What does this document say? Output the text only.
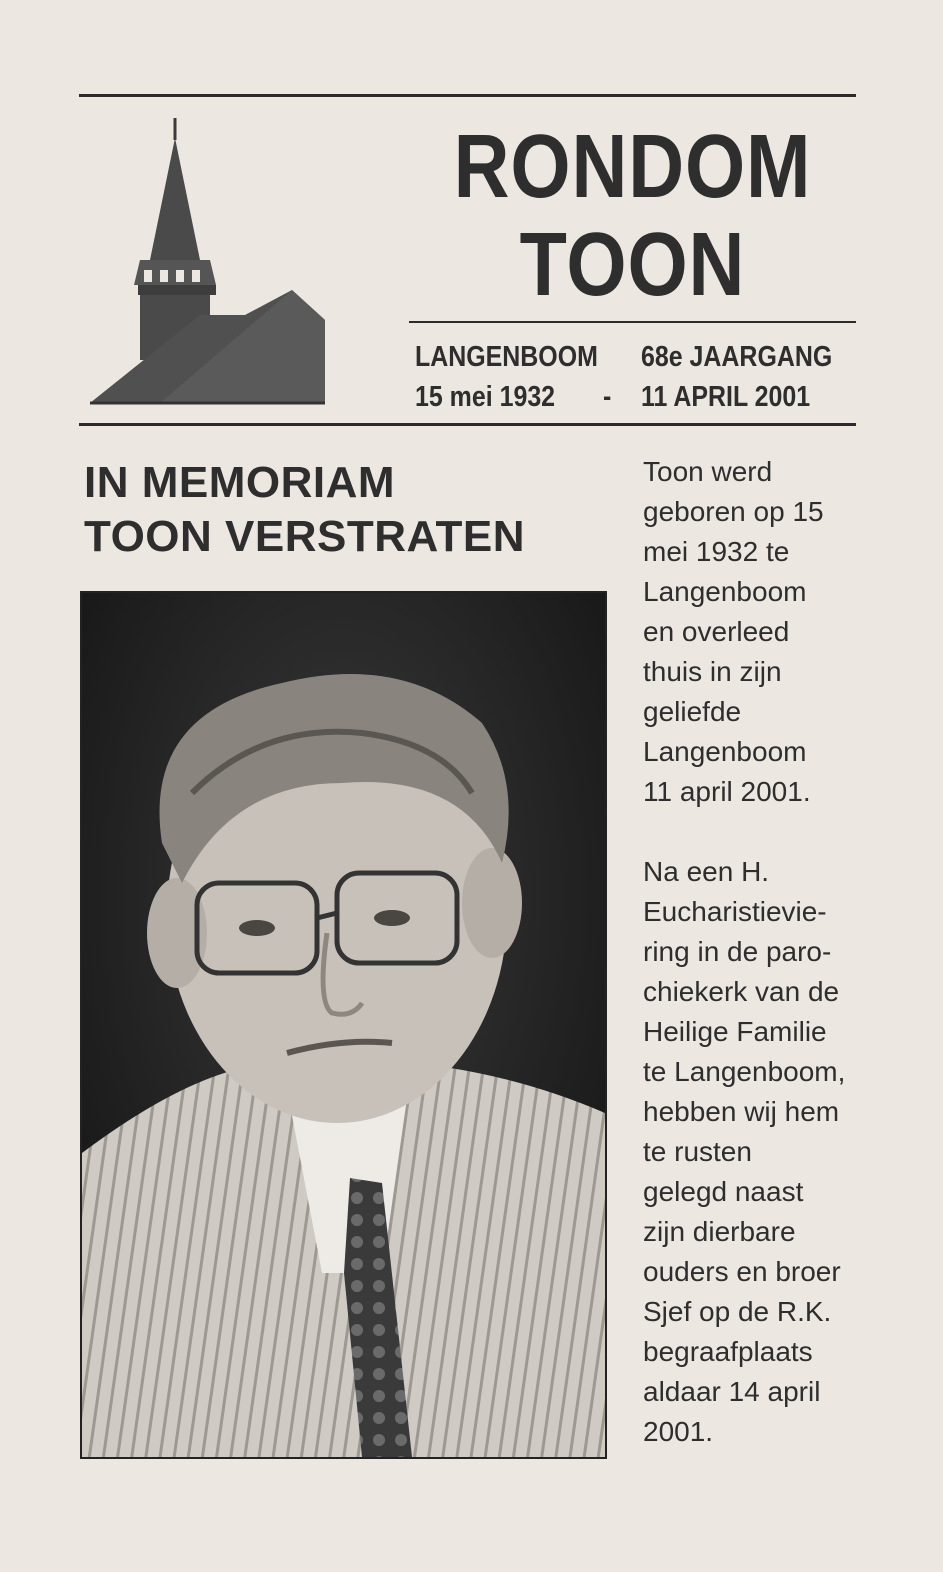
RONDOM
TOON
LANGENBOOM
15 mei 1932	-
68e JAARGANG
11 APRIL 2001
IN MEMORIAM
TOON VERSTRATEN

Toon werd
geboren op 15
mei 1932 te
Langenboom
en overleed
thuis in zijn
geliefde
Langenboom
11 april 2001.

Na een H.
Eucharistievie-
ring in de paro-
chiekerk van de
Heilige Familie
te Langenboom,
hebben wij hem
te rusten
gelegd naast
zijn dierbare
ouders en broer
Sjef op de R.K.
begraafplaats
aldaar 14 april
2001.
